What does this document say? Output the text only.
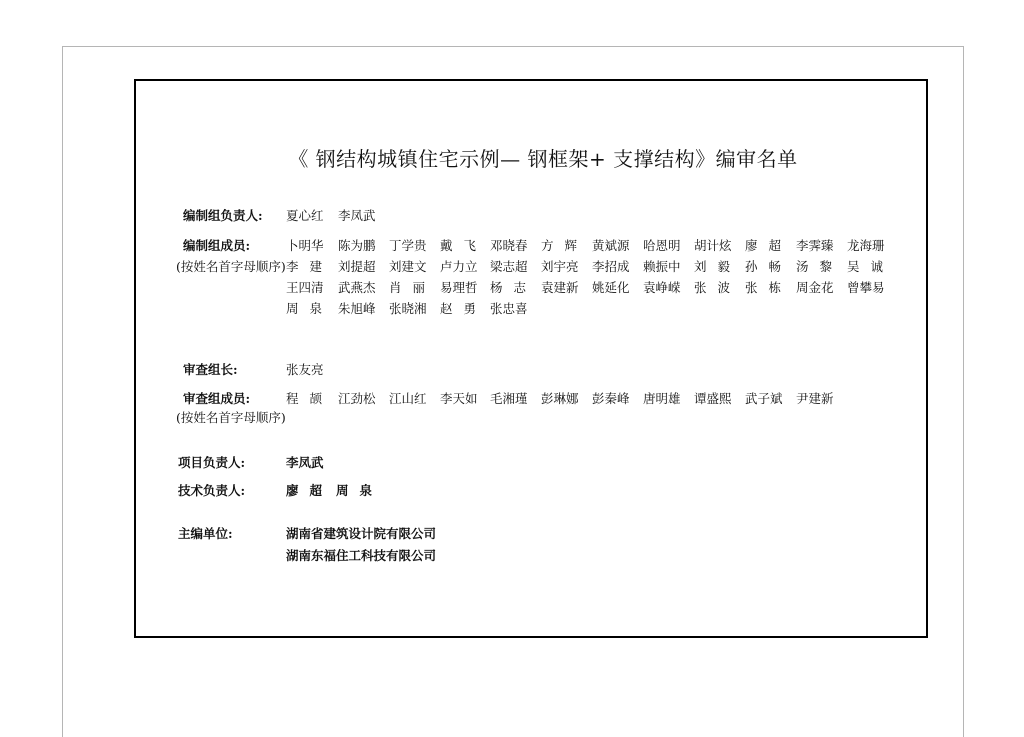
《 钢结构城镇住宅示例— 钢框架+ 支撑结构》编审名单
编制组负责人: 夏心红 李凤武
编制组成员:
(按姓名首字母顺序)
卜明华 陈为鹏 丁学贵 戴 飞 邓晓春 方 辉 黄斌源 哈恩明 胡计炫 廖 超 李霁臻 龙海珊
李 建 刘提超 刘建文 卢力立 梁志超 刘宇亮 李招成 赖振中 刘 毅 孙 畅 汤 黎 吴 诚
王四清 武燕杰 肖 丽 易理哲 杨 志 袁建新 姚延化 袁峥嵘 张 波 张 栋 周金花 曾攀易
周 泉 朱旭峰 张晓湘 赵 勇 张忠喜
审查组长:	张友亮
审查组成员:
(按姓名首字母顺序)
程 颉 江劲松 江山红 李天如 毛湘瑾 彭琳娜 彭秦峰 唐明雄 谭盛熙 武子斌 尹建新
项目负责人:	李凤武
技术负责人:	廖 超 周 泉
主编单位:	湖南省建筑设计院有限公司
湖南东福住工科技有限公司
